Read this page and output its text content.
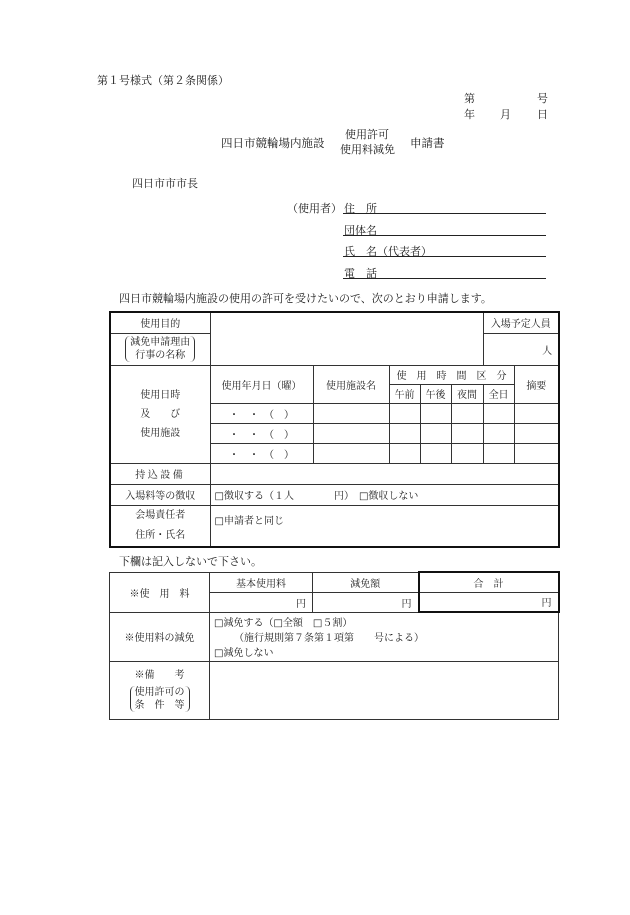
第１号様式（第２条関係）
第	号
年 月 日
四日市競輪場内施設
使用許可
使用料減免 申請書
四日市市市長
（使用者） 住　所
団体名
氏　名（代表者）
電　話
四日市競輪場内施設の使用の許可を受けたいので、次のとおり申請します。
使用目的						入場予定人員	
減免申請理由
行事の名称						人	
使用日時
及　　び
使用施設	使用年月日（曜）	使用施設名	使　用　時　間　区　分				摘要
			午前	午後	夜間	全日	
	・　・　（　）						
	・　・　（　）						
	・　・　（　）						
持込設備							
入場料等の徴収	□徴収する（１人　　　　円）　□徴収しない						
会場責任者
住所・氏名	□申請者と同じ						
下欄は記入しないで下さい。
※使　用　料	基本使用料	減免額	合　計
	円	円	円
※使用料の減免	□減免する（□全額　□５割）
（施行規則第７条第１項第　　号による）
□減免しない		
※備　　考
使用許可の
条　件　等			
